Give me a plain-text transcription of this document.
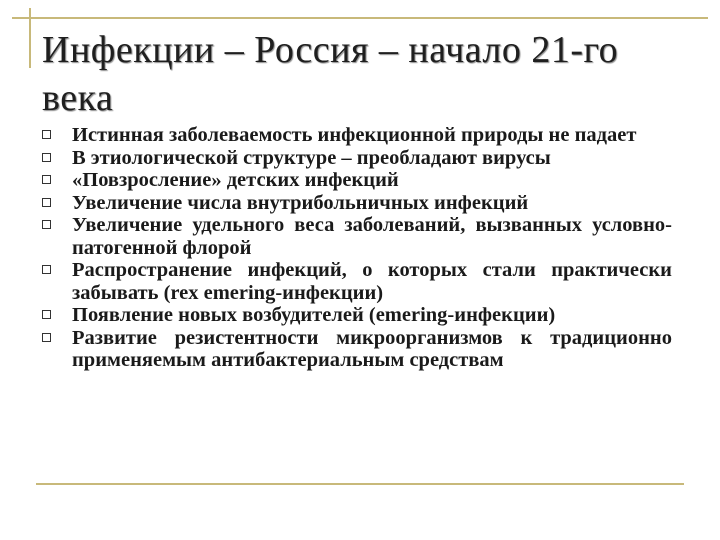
Инфекции – Россия – начало 21-го века
Истинная заболеваемость инфекционной природы не падает
В этиологической структуре – преобладают вирусы
«Повзросление» детских инфекций
Увеличение числа внутрибольничных инфекций
Увеличение удельного веса заболеваний, вызванных условно-патогенной флорой
Распространение инфекций, о которых стали практически забывать (rex emering-инфекции)
Появление новых возбудителей (emering-инфекции)
Развитие резистентности микроорганизмов к традиционно применяемым антибактериальным средствам
